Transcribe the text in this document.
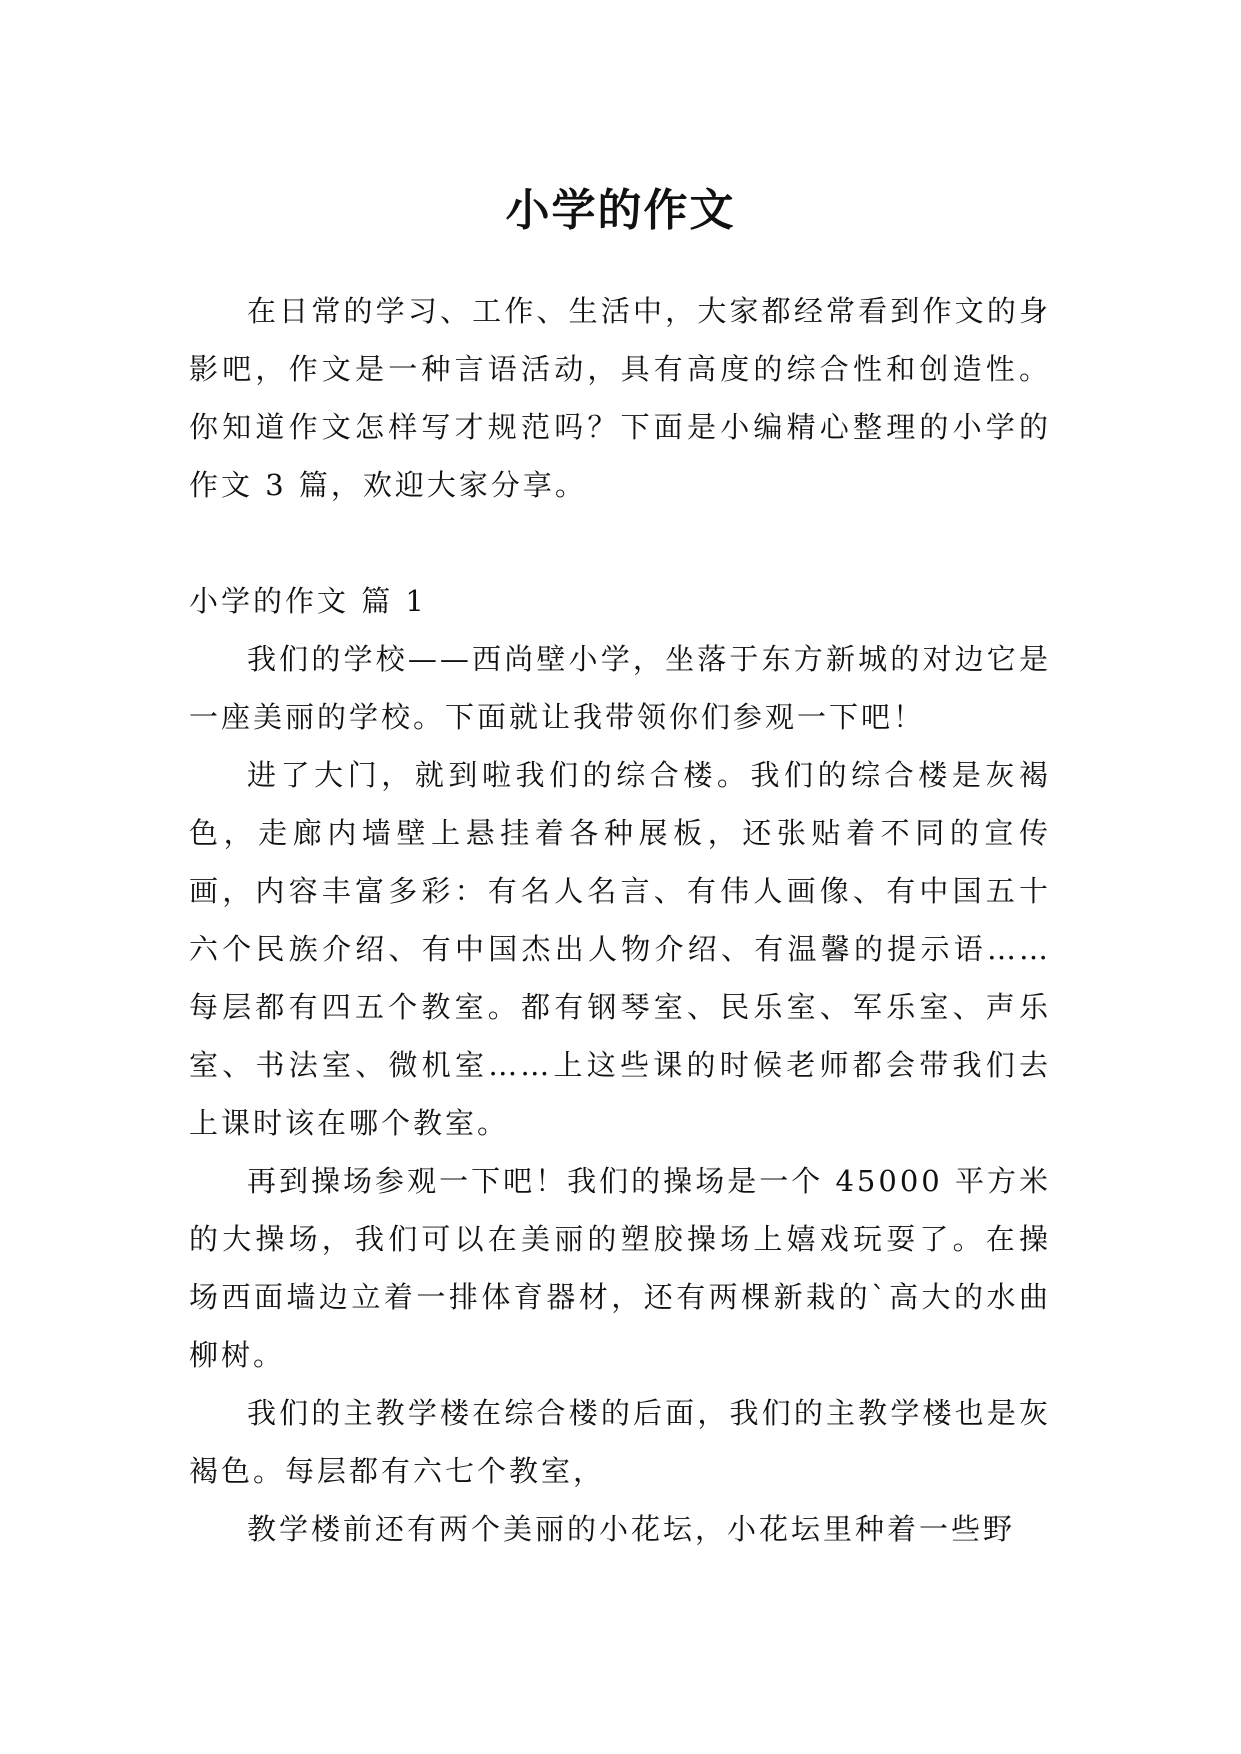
小学的作文

在日常的学习、工作、生活中，大家都经常看到作文的身影吧，作文是一种言语活动，具有高度的综合性和创造性。你知道作文怎样写才规范吗？下面是小编精心整理的小学的作文 3 篇，欢迎大家分享。

小学的作文 篇 1

我们的学校——西尚壁小学，坐落于东方新城的对边它是一座美丽的学校。下面就让我带领你们参观一下吧！

进了大门，就到啦我们的综合楼。我们的综合楼是灰褐色，走廊内墙壁上悬挂着各种展板，还张贴着不同的宣传画，内容丰富多彩：有名人名言、有伟人画像、有中国五十六个民族介绍、有中国杰出人物介绍、有温馨的提示语……每层都有四五个教室。都有钢琴室、民乐室、军乐室、声乐室、书法室、微机室……上这些课的时候老师都会带我们去上课时该在哪个教室。

再到操场参观一下吧！我们的操场是一个 45000 平方米的大操场，我们可以在美丽的塑胶操场上嬉戏玩耍了。在操场西面墙边立着一排体育器材，还有两棵新栽的`高大的水曲柳树。

我们的主教学楼在综合楼的后面，我们的主教学楼也是灰褐色。每层都有六七个教室，

教学楼前还有两个美丽的小花坛，小花坛里种着一些野
